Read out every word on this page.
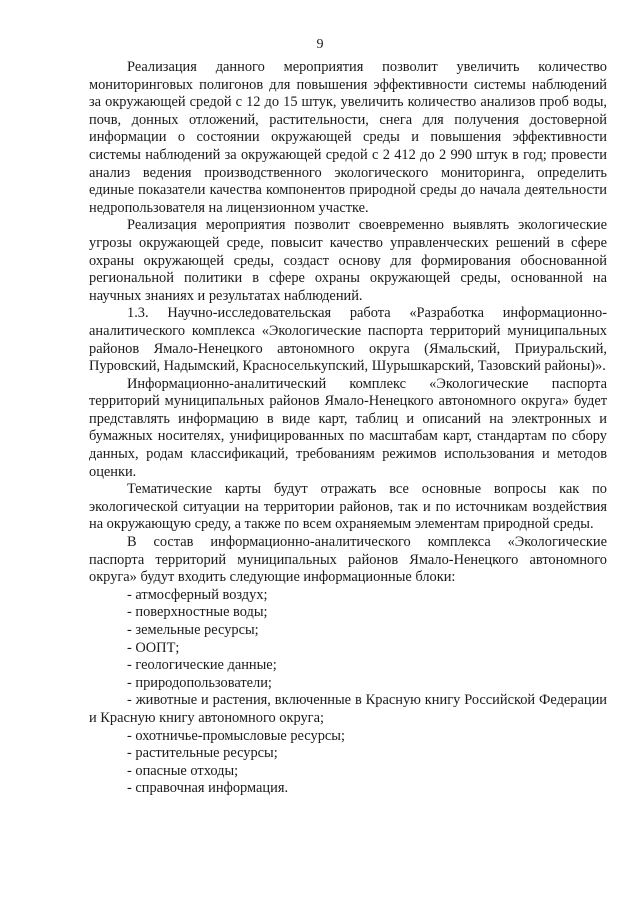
9

Реализация данного мероприятия позволит увеличить количество мониторинговых полигонов для повышения эффективности системы наблюдений за окружающей средой с 12 до 15 штук, увеличить количество анализов проб воды, почв, донных отложений, растительности, снега для получения достоверной информации о состоянии окружающей среды и повышения эффективности системы наблюдений за окружающей средой с 2 412 до 2 990 штук в год; провести анализ ведения производственного экологического мониторинга, определить единые показатели качества компонентов природной среды до начала деятельности недропользователя на лицензионном участке.

Реализация мероприятия позволит своевременно выявлять экологические угрозы окружающей среде, повысит качество управленческих решений в сфере охраны окружающей среды, создаст основу для формирования обоснованной региональной политики в сфере охраны окружающей среды, основанной на научных знаниях и результатах наблюдений.

1.3. Научно-исследовательская работа «Разработка информационно-аналитического комплекса «Экологические паспорта территорий муниципальных районов Ямало-Ненецкого автономного округа (Ямальский, Приуральский, Пуровский, Надымский, Красноселькупский, Шурышкарский, Тазовский районы)».

Информационно-аналитический комплекс «Экологические паспорта территорий муниципальных районов Ямало-Ненецкого автономного округа» будет представлять информацию в виде карт, таблиц и описаний на электронных и бумажных носителях, унифицированных по масштабам карт, стандартам по сбору данных, родам классификаций, требованиям режимов использования и методов оценки.

Тематические карты будут отражать все основные вопросы как по экологической ситуации на территории районов, так и по источникам воздействия на окружающую среду, а также по всем охраняемым элементам природной среды.

В состав информационно-аналитического комплекса «Экологические паспорта территорий муниципальных районов Ямало-Ненецкого автономного округа» будут входить следующие информационные блоки:

- атмосферный воздух;
- поверхностные воды;
- земельные ресурсы;
- ООПТ;
- геологические данные;
- природопользователи;
- животные и растения, включенные в Красную книгу Российской Федерации и Красную книгу автономного округа;
- охотничье-промысловые ресурсы;
- растительные ресурсы;
- опасные отходы;
- справочная информация.
